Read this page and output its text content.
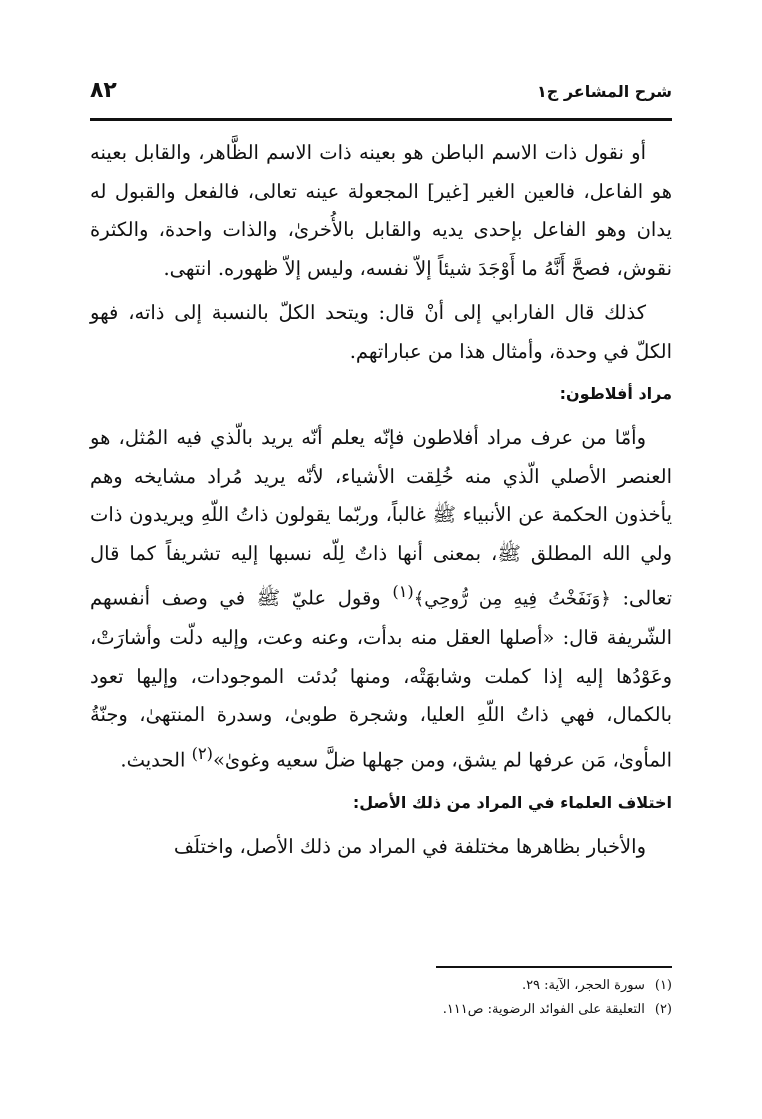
شرح المشاعر ج١
٨٢

أو نقول ذات الاسم الباطن هو بعينه ذات الاسم الظَّاهر، والقابل بعينه هو الفاعل، فالعين الغير [غير] المجعولة عينه تعالى، فالفعل والقبول له يدان وهو الفاعل بإحدى يديه والقابل بالأُخرىٰ، والذات واحدة، والكثرة نقوش، فصحَّ أَنَّهُ ما أَوْجَدَ شيئاً إلاّ نفسه، وليس إلاّ ظهوره. انتهى.

كذلك قال الفارابي إلى أنْ قال: ويتحد الكلّ بالنسبة إلى ذاته، فهو الكلّ في وحدة، وأمثال هذا من عباراتهم.

مراد أفلاطون:

وأمّا من عرف مراد أفلاطون فإنّه يعلم أنّه يريد بالّذي فيه المُثل، هو العنصر الأصلي الّذي منه خُلِقت الأشياء، لأنّه يريد مُراد مشايخه وهم يأخذون الحكمة عن الأنبياء ﷺ غالباً، وربّما يقولون ذاتُ اللّهِ ويريدون ذات ولي الله المطلق ﷺ، بمعنى أنها ذاتٌ لِلّه نسبها إليه تشريفاً كما قال تعالى: ﴿وَنَفَخْتُ فِيهِ مِن رُّوحِي﴾$^{(١)}$ وقول عليّ ﷺ في وصف أنفسهم الشّريفة قال: «أصلها العقل منه بدأت، وعنه وعت، وإليه دلّت وأشارَتْ، وعَوْدُها إليه إذا كملت وشابهَتْه، ومنها بُدئت الموجودات، وإليها تعود بالكمال، فهي ذاتُ اللّهِ العليا، وشجرة طوبىٰ، وسدرة المنتهىٰ، وجنّةُ المأوىٰ، مَن عرفها لم يشق، ومن جهلها ضلَّ سعيه وغوىٰ»$^{(٢)}$ الحديث.

اختلاف العلماء في المراد من ذلك الأصل:

والأخبار بظاهرها مختلفة في المراد من ذلك الأصل، واختلَف

(١)سورة الحجر، الآية: ٢٩.
(٢)التعليقة على الفوائد الرضوية: ص١١١.
